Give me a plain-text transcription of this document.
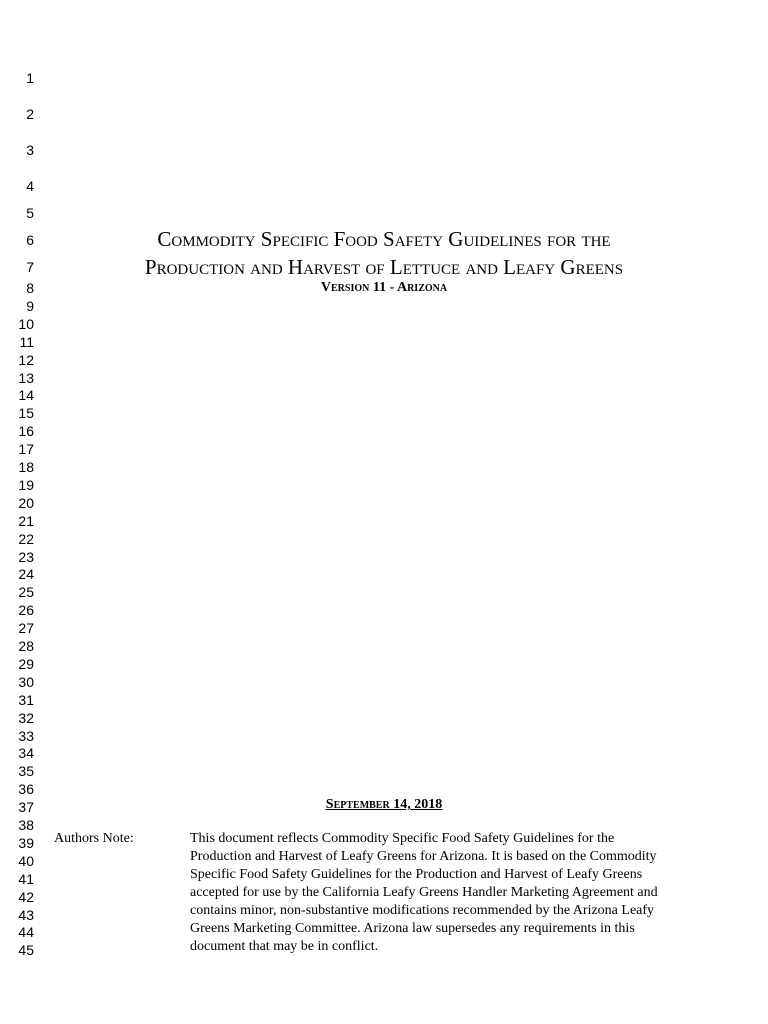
1
2
3
4
5
6
7
8
9
10
11
12
13
14
15
16
17
18
19
20
21
22
23
24
25
26
27
28
29
30
31
32
33
34
35
36
37
38
39
40
41
42
43
44
45
Commodity Specific Food Safety Guidelines for the
Production and Harvest of Lettuce and Leafy Greens
Version 11 - Arizona
September 14, 2018
Authors Note:	This document reflects Commodity Specific Food Safety Guidelines for the
Production and Harvest of Leafy Greens for Arizona. It is based on the Commodity
Specific Food Safety Guidelines for the Production and Harvest of Leafy Greens
accepted for use by the California Leafy Greens Handler Marketing Agreement and
contains minor, non-substantive modifications recommended by the Arizona Leafy
Greens Marketing Committee. Arizona law supersedes any requirements in this
document that may be in conflict.
